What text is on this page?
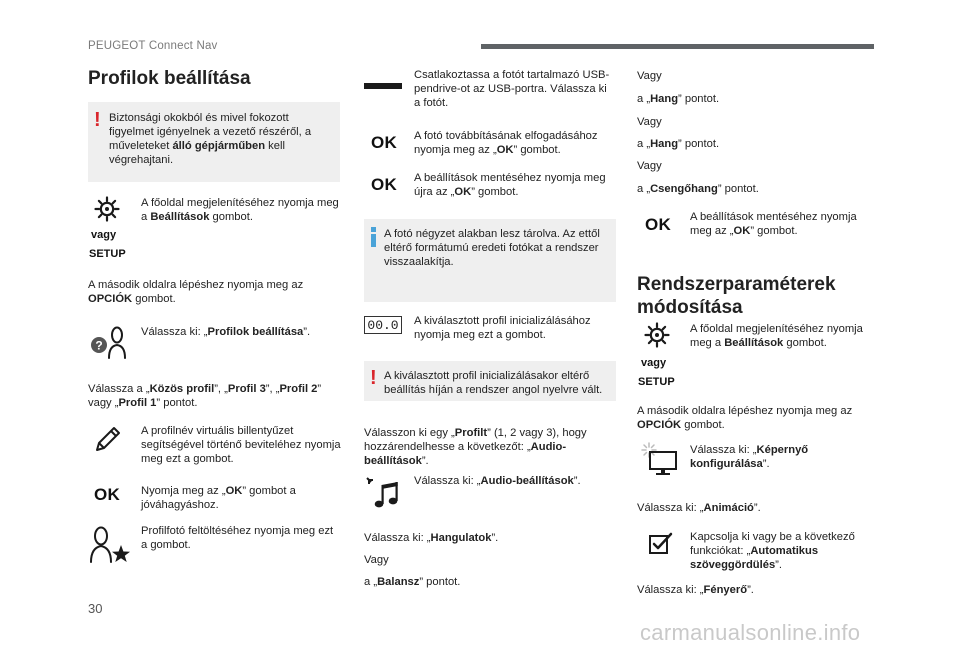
PEUGEOT Connect Nav
Profilok beállítása
! Biztonsági okokból és mivel fokozott figyelmet igényelnek a vezető részéről, a műveleteket álló gépjárműben kell végrehajtani.
vagy
SETUP
A főoldal megjelenítéséhez nyomja meg a Beállítások gombot.
A második oldalra lépéshez nyomja meg az OPCIÓK gombot.
?
Válassza ki: „Profilok beállítása”.
Válassza a „Közös profil”, „Profil 3”, „Profil 2” vagy „Profil 1” pontot.
A profilnév virtuális billentyűzet segítségével történő beviteléhez nyomja meg ezt a gombot.
OK Nyomja meg az „OK” gombot a jóváhagyáshoz.
Profilfotó feltöltéséhez nyomja meg ezt a gombot.
Csatlakoztassa a fotót tartalmazó USB-pendrive-ot az USB-portra. Válassza ki a fotót.
OK A fotó továbbításának elfogadásához nyomja meg az „OK” gombot.
OK A beállítások mentéséhez nyomja meg újra az „OK” gombot.
A fotó négyzet alakban lesz tárolva. Az ettől eltérő formátumú eredeti fotókat a rendszer visszaalakítja.
00.0 A kiválasztott profil inicializálásához nyomja meg ezt a gombot.
! A kiválasztott profil inicializálásakor eltérő beállítás híján a rendszer angol nyelvre vált.
Válasszon ki egy „Profilt” (1, 2 vagy 3), hogy hozzárendelhesse a következőt: „Audio-beállítások”.
Válassza ki: „Audio-beállítások”.
Válassza ki: „Hangulatok”.
Vagy
a „Balansz” pontot.
Vagy
a „Hang” pontot.
Vagy
a „Hang” pontot.
Vagy
a „Csengőhang” pontot.
OK A beállítások mentéséhez nyomja meg az „OK” gombot.
Rendszerparaméterek módosítása
vagy
SETUP
A főoldal megjelenítéséhez nyomja meg a Beállítások gombot.
A második oldalra lépéshez nyomja meg az OPCIÓK gombot.
Válassza ki: „Képernyő konfigurálása”.
Válassza ki: „Animáció”.
Kapcsolja ki vagy be a következő funkciókat: „Automatikus szöveggördülés”.
Válassza ki: „Fényerő”.
30
carmanualsonline.info
